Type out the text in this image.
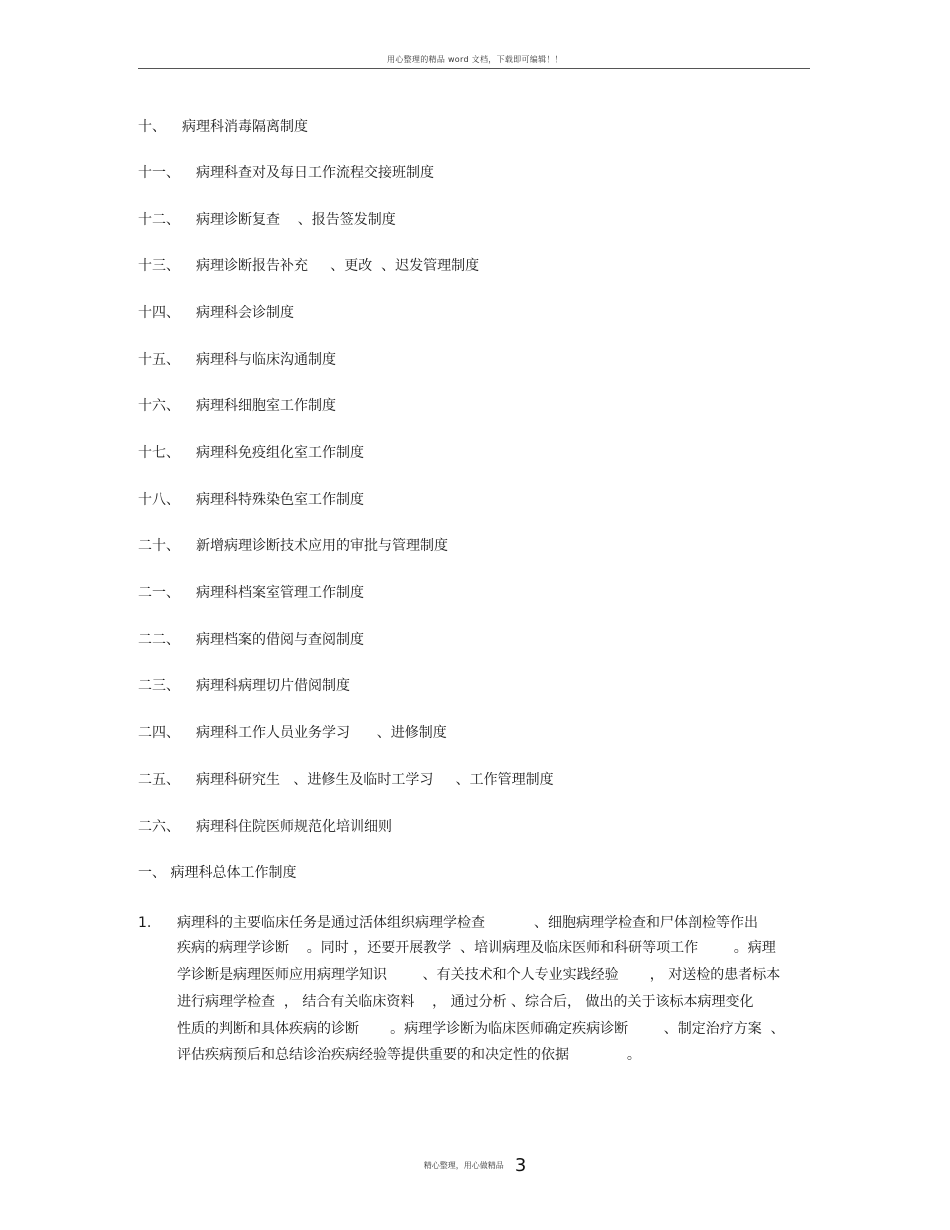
用心整理的精品 word 文档，下载即可编辑！！
十、 病理科消毒隔离制度
十一、 病理科查对及每日工作流程交接班制度
十二、 病理诊断复查    、报告签发制度
十三、 病理诊断报告补充     、更改  、迟发管理制度
十四、 病理科会诊制度
十五、 病理科与临床沟通制度
十六、 病理科细胞室工作制度
十七、 病理科免疫组化室工作制度
十八、 病理科特殊染色室工作制度
二十、 新增病理诊断技术应用的审批与管理制度
二一、 病理科档案室管理工作制度
二二、 病理档案的借阅与查阅制度
二三、 病理科病理切片借阅制度
二四、 病理科工作人员业务学习      、进修制度
二五、 病理科研究生   、进修生及临时工学习     、工作管理制度
二六、 病理科住院医师规范化培训细则
一、 病理科总体工作制度
1. 病理科的主要临床任务是通过活体组织病理学检查           、细胞病理学检查和尸体剖检等作出
疾病的病理学诊断    。同时 ，还要开展教学  、培训病理及临床医师和科研等项工作        。病理
学诊断是病理医师应用病理学知识        、有关技术和个人专业实践经验       ， 对送检的患者标本
进行病理学检查  ， 结合有关临床资料    ， 通过分析 、综合后， 做出的关于该标本病理变化
性质的判断和具体疾病的诊断       。病理学诊断为临床医师确定疾病诊断        、制定治疗方案  、
评估疾病预后和总结诊治疾病经验等提供重要的和决定性的依据             。
精心整理，用心做精品 3
